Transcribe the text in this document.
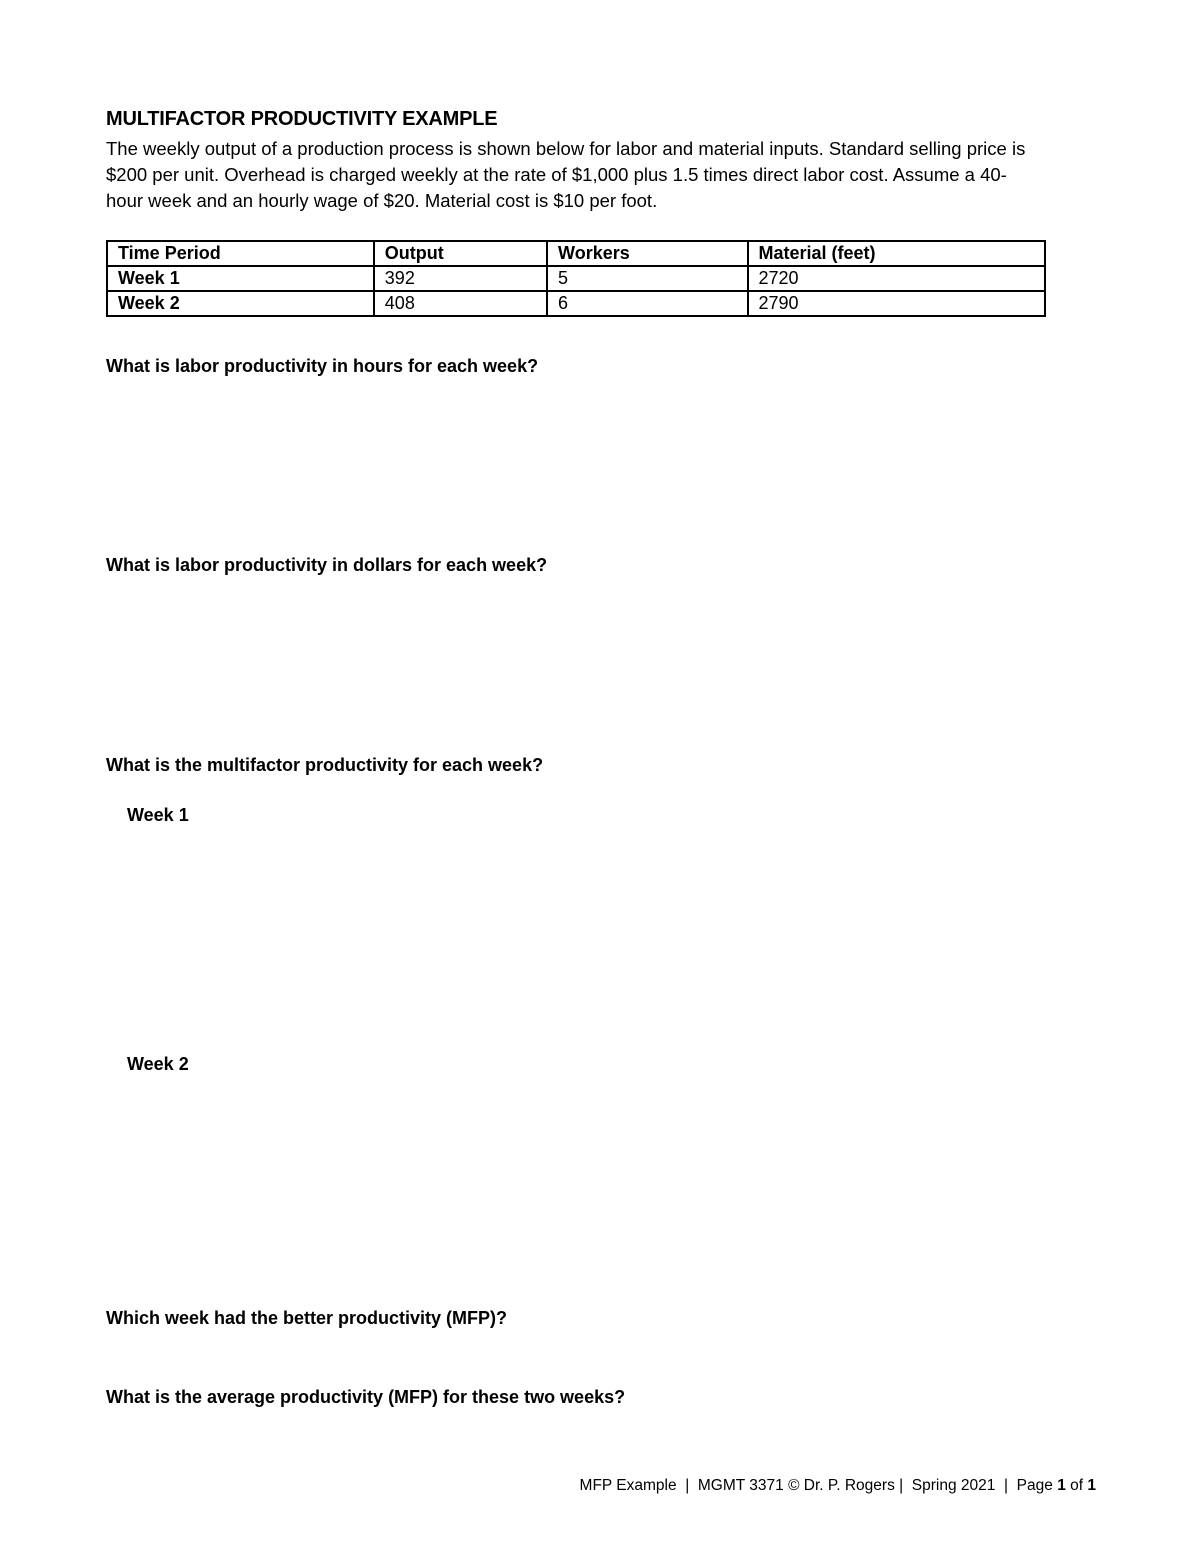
MULTIFACTOR PRODUCTIVITY EXAMPLE
The weekly output of a production process is shown below for labor and material inputs. Standard selling price is
$200 per unit. Overhead is charged weekly at the rate of $1,000 plus 1.5 times direct labor cost. Assume a 40-
hour week and an hourly wage of $20. Material cost is $10 per foot.
Time Period	Output	Workers	Material (feet)
Week 1	392	5	2720
Week 2	408	6	2790
What is labor productivity in hours for each week?
What is labor productivity in dollars for each week?
What is the multifactor productivity for each week?
Week 1
Week 2
Which week had the better productivity (MFP)?
What is the average productivity (MFP) for these two weeks?
MFP Example | MGMT 3371 © Dr. P. Rogers | Spring 2021 | Page 1 of 1
